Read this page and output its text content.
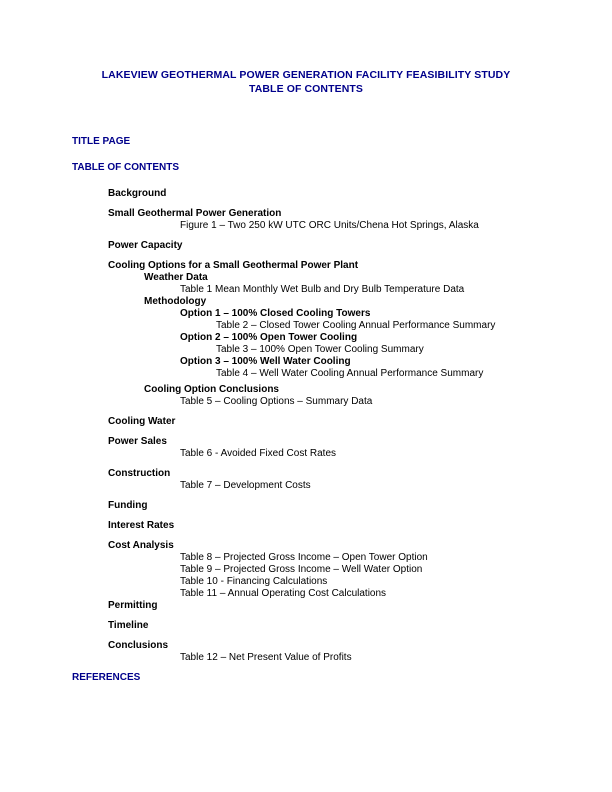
LAKEVIEW GEOTHERMAL POWER GENERATION FACILITY FEASIBILITY STUDY
TABLE OF CONTENTS
TITLE PAGE
TABLE OF CONTENTS
Background
Small Geothermal Power Generation
Figure 1 – Two 250 kW UTC ORC Units/Chena Hot Springs, Alaska
Power Capacity
Cooling Options for a Small Geothermal Power Plant
Weather Data
Table 1 Mean Monthly Wet Bulb and Dry Bulb Temperature Data
Methodology
Option 1 – 100% Closed Cooling Towers
Table 2 – Closed Tower Cooling Annual Performance Summary
Option 2 – 100% Open Tower Cooling
Table 3 – 100% Open Tower Cooling Summary
Option 3 – 100% Well Water Cooling
Table 4 – Well Water Cooling Annual Performance Summary
Cooling Option Conclusions
Table 5 – Cooling Options – Summary Data
Cooling Water
Power Sales
Table 6 - Avoided Fixed Cost Rates
Construction
Table 7 – Development Costs
Funding
Interest Rates
Cost Analysis
Table 8 – Projected Gross Income – Open Tower Option
Table 9 – Projected Gross Income – Well Water Option
Table 10 - Financing Calculations
Table 11 – Annual Operating Cost Calculations
Permitting
Timeline
Conclusions
Table 12 – Net Present Value of Profits
REFERENCES
